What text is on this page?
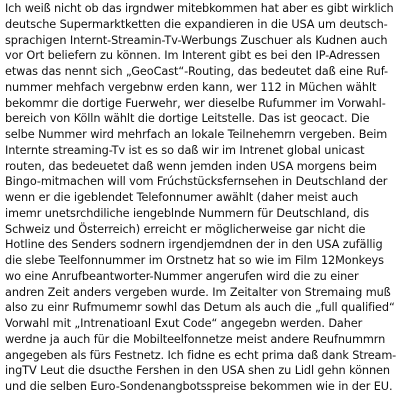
Ich weiß nicht ob das irgndwer mitebkommen hat aber es gibt wirklich
deutsche Supermarktketten die expandieren in die USA um deutsch-
sprachigen Internt-Streamin-Tv-Werbungs Zuschuer als Kudnen auch
vor Ort beliefern zu können. Im Interent gibt es bei den IP-Adressen
etwas das nennt sich „GeoCast“-Routing, das bedeutet daß eine Ruf-
nummer mehfach vergebnw erden kann, wer 112 in Müchen wählt
bekommr die dortige Fuerwehr, wer dieselbe Rufummer im Vorwahl-
bereich von Kölln wählt die dortige Leitstelle. Das ist geocact. Die
selbe Nummer wird mehrfach an lokale Teilnehemrn vergeben. Beim
Internte streaming-Tv ist es so daß wir im Intrenet global unicast
routen, das bedeuetet daß wenn jemden inden USA morgens beim
Bingo-mitmachen will vom Frúchstücksfernsehen in Deutschland der
wenn er die igeblendet Telefonnumer awählt (daher meist auch
imemr unetsrchdiliche iengeblnde Nummern für Deutschland, dis
Schweiz und Österreich) erreicht er möglicherweise gar nicht die
Hotline des Senders sodnern irgendjemdnen der in den USA zufällig
die slebe Teelfonnummer im Orstnetz hat so wie im Film 12Monkeys
wo eine Anrufbeantworter-Nummer angerufen wird die zu einer
andren Zeit anders vergeben wurde. Im Zeitalter von Stremaing muß
also zu einr Rufmumemr sowhl das Detum als auch die „full qualified“
Vorwahl mit „Intrenatioanl Exut Code“ angegebn werden. Daher
werdne ja auch für die Mobilteelfonnetze meist andere Reufnummrn
angegeben als fürs Festnetz. Ich fidne es echt prima daß dank Stream-
ingTV Leut die dsucthe Fershen in den USA shen zu Lidl gehn können
und die selben Euro-Sondenangbotsspreise bekommen wie in der EU.
